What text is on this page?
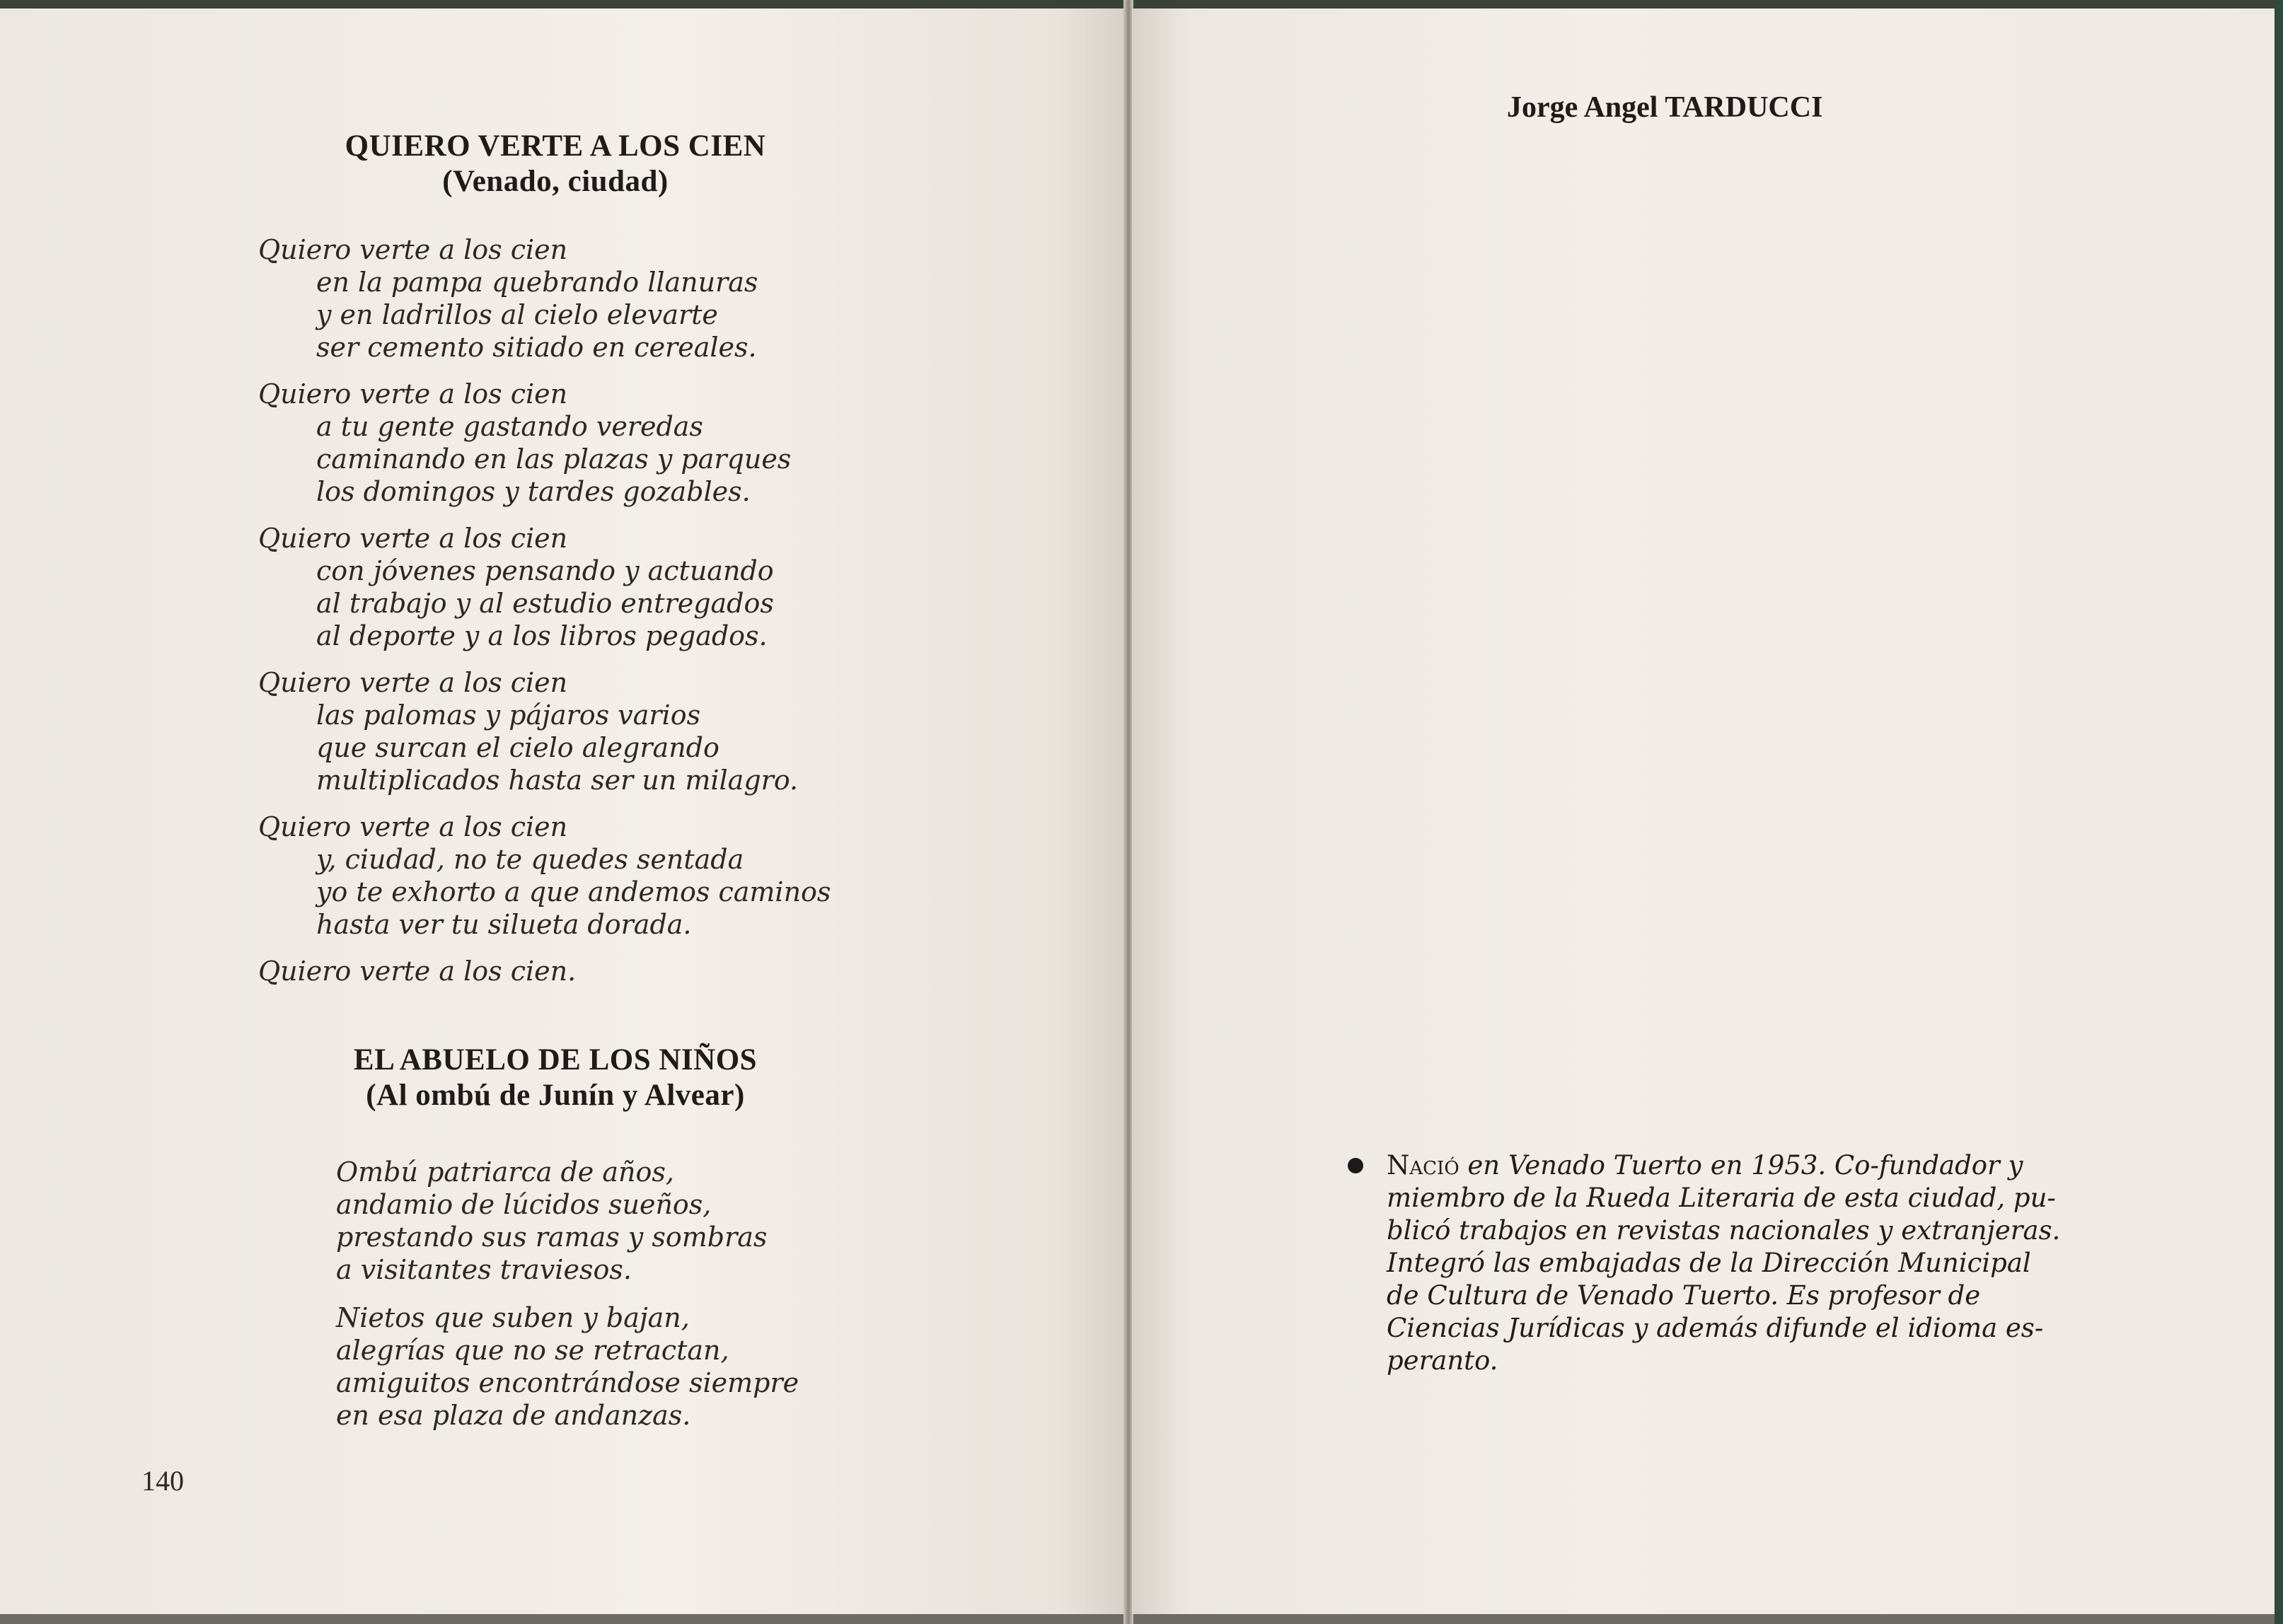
QUIERO VERTE A LOS CIEN
(Venado, ciudad)
Quiero verte a los cien
en la pampa quebrando llanuras
y en ladrillos al cielo elevarte
ser cemento sitiado en cereales.
Quiero verte a los cien
a tu gente gastando veredas
caminando en las plazas y parques
los domingos y tardes gozables.
Quiero verte a los cien
con jóvenes pensando y actuando
al trabajo y al estudio entregados
al deporte y a los libros pegados.
Quiero verte a los cien
las palomas y pájaros varios
que surcan el cielo alegrando
multiplicados hasta ser un milagro.
Quiero verte a los cien
y, ciudad, no te quedes sentada
yo te exhorto a que andemos caminos
hasta ver tu silueta dorada.
Quiero verte a los cien.
EL ABUELO DE LOS NIÑOS
(Al ombú de Junín y Alvear)
Ombú patriarca de años,
andamio de lúcidos sueños,
prestando sus ramas y sombras
a visitantes traviesos.
Nietos que suben y bajan,
alegrías que no se retractan,
amiguitos encontrándose siempre
en esa plaza de andanzas.
140
Jorge Angel TARDUCCI
Nació en Venado Tuerto en 1953. Co-fundador y
miembro de la Rueda Literaria de esta ciudad, pu-
blicó trabajos en revistas nacionales y extranjeras.
Integró las embajadas de la Dirección Municipal
de Cultura de Venado Tuerto. Es profesor de
Ciencias Jurídicas y además difunde el idioma es-
peranto.
